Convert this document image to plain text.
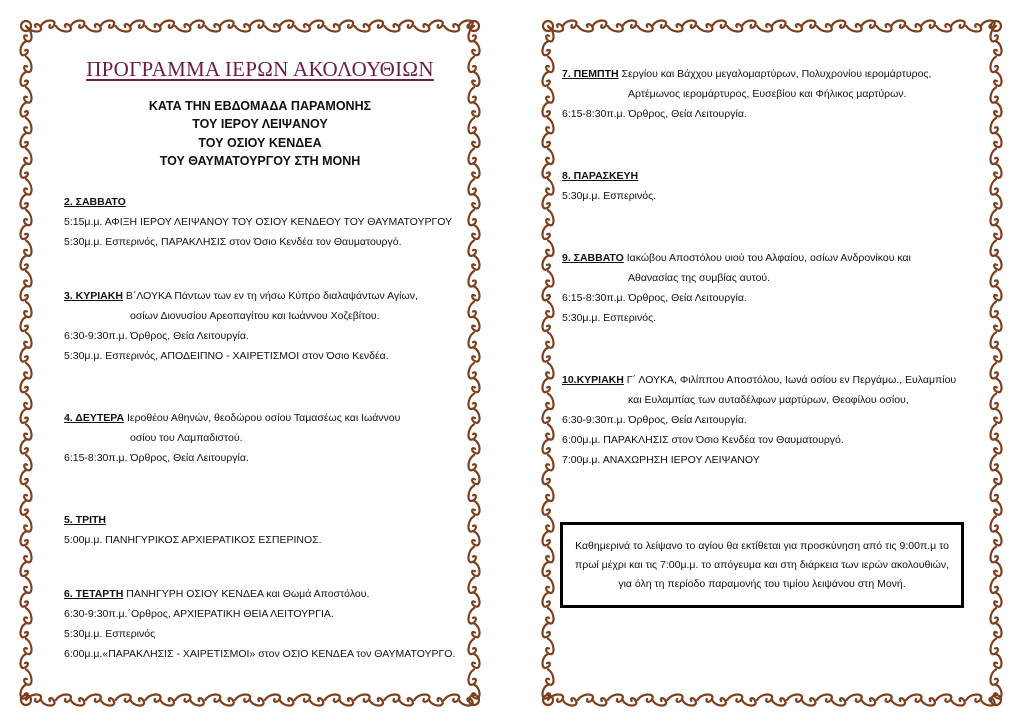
ΠΡΟΓΡΑΜΜΑ ΙΕΡΩΝ ΑΚΟΛΟΥΘΙΩΝ
ΚΑΤΑ ΤΗΝ ΕΒΔΟΜΑΔΑ ΠΑΡΑΜΟΝΗΣ
ΤΟΥ ΙΕΡΟΥ ΛΕΙΨΑΝΟΥ
ΤΟΥ ΟΣΙΟΥ ΚΕΝΔΕΑ
ΤΟΥ ΘΑΥΜΑΤΟΥΡΓΟΥ ΣΤΗ ΜΟΝΗ
2. ΣΑΒΒΑΤΟ
5:15μ.μ. ΑΦΙΞΗ ΙΕΡΟΥ ΛΕΙΨΑΝΟΥ ΤΟΥ ΟΣΙΟΥ ΚΕΝΔΕΟΥ ΤΟΥ ΘΑΥΜΑΤΟΥΡΓΟΥ
5:30μ.μ. Εσπερινός, ΠΑΡΑΚΛΗΣΙΣ στον Όσιο Κενδέα τον Θαυματουργό.
3. ΚΥΡΙΑΚΗ Β΄ΛΟΥΚΑ Πάντων των εν τη νήσω Κύπρο διαλαψάντων Αγίων,
οσίων Διονυσίου Αρεοπαγίτου και Ιωάννου Χοζεβίτου.
6:30-9:30π.μ. Όρθρος, Θεία Λειτουργία.
5:30μ.μ. Εσπερινός, ΑΠΟΔΕΙΠΝΟ - ΧΑΙΡΕΤΙΣΜΟΙ στον Όσιο Κενδέα.
4. ΔΕΥΤΕΡΑ Ιεροθέου Αθηνών, θεοδώρου οσίου Ταμασέως και Ιωάννου
οσίου του Λαμπαδιστού.
6:15-8:30π.μ. Όρθρος, Θεία Λειτουργία.
5. ΤΡΙΤΗ
5:00μ.μ. ΠΑΝΗΓΥΡΙΚΟΣ ΑΡΧΙΕΡΑΤΙΚΟΣ ΕΣΠΕΡΙΝΟΣ.
6. ΤΕΤΑΡΤΗ ΠΑΝΗΓΥΡΗ ΟΣΙΟΥ ΚΕΝΔΕΑ και Θωμά Αποστόλου.
6:30-9:30π.μ.΄Ορθρος, ΑΡΧΙΕΡΑΤΙΚΗ ΘΕΙΑ ΛΕΙΤΟΥΡΓΙΑ.
5:30μ.μ. Εσπερινός
6:00μ.μ.«ΠΑΡΑΚΛΗΣΙΣ - ΧΑΙΡΕΤΙΣΜΟΙ» στον ΟΣΙΟ ΚΕΝΔΕΑ τον ΘΑΥΜΑΤΟΥΡΓΟ.
7. ΠΕΜΠΤΗ Σεργίου και Βάχχου μεγαλομαρτύρων, Πολυχρονίου ιερομάρτυρος,
Αρτέμωνος ιερομάρτυρος, Ευσεβίου και Φήλικος μαρτύρων.
6:15-8:30π.μ. Όρθρος, Θεία Λειτουργία.
8. ΠΑΡΑΣΚΕΥΗ
5:30μ.μ. Εσπερινός.
9. ΣΑΒΒΑΤΟ Ιακώβου Αποστόλου υιού του Αλφαίου, οσίων Ανδρονίκου και
Αθανασίας της συμβίας αυτού.
6:15-8:30π.μ. Όρθρος, Θεία Λειτουργία.
5:30μ.μ. Εσπερινός.
10.ΚΥΡΙΑΚΗ Γ΄ ΛΟΥΚΑ, Φιλίππου Αποστόλου, Ιωνά οσίου εν Περγάμω., Ευλαμπίου
και Ευλαμπίας των αυταδέλφων μαρτύρων, Θεοφίλου οσίου,
6:30-9:30π.μ. Όρθρος, Θεία Λειτουργία.
6:00μ.μ. ΠΑΡΑΚΛΗΣΙΣ στον Όσιο Κενδέα τον Θαυματουργό.
7:00μ.μ. ΑΝΑΧΩΡΗΣΗ ΙΕΡΟΥ ΛΕΙΨΑΝΟΥ
Καθημερινά το λείψανο το αγίου θα εκτίθεται για προσκύνηση από τις 9:00π.μ το
πρωί μέχρι και τις 7:00μ.μ. το απόγευμα και στη διάρκεια των ιερών ακολουθιών,
για όλη τη περίοδο παραμονής του τιμίου λειψάνου στη Μονή.
